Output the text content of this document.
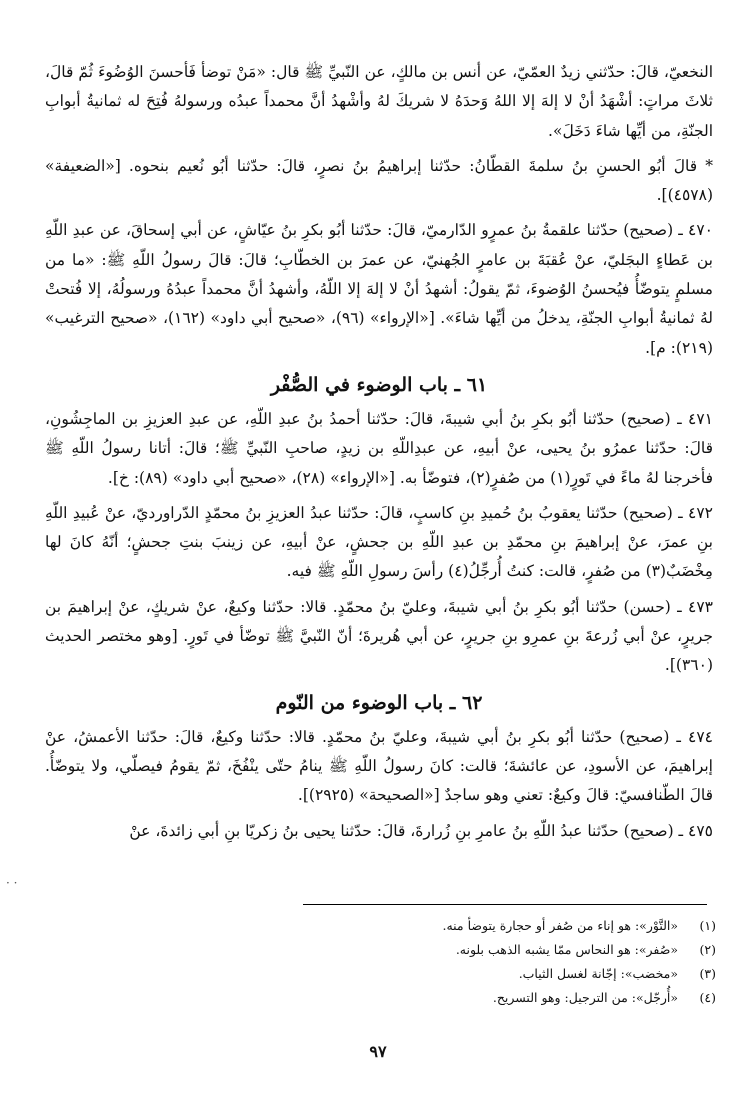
النخعيّ، قالَ: حدّثني زيدٌ العمّيّ، عن أنس بن مالكٍ، عن النّبيِّ ﷺ قال: «مَنْ توضأ فَأحسنَ الوُضُوءَ ثُمّ قالَ، ثلاثَ مراتٍ: أشْهَدُ أنْ لا إلهَ إلا اللهُ وَحدَهُ لا شريكَ لهُ وأشْهدُ أنَّ محمداً عبدُه ورسولهُ فُتِحَ له ثمانيةُ أبوابِ الجنّةِ، من أيِّها شاءَ دَخَلَ».

* قالَ أبُو الحسنِ بنُ سلمةَ القطّانُ: حدّثنا إبراهيمُ بنُ نصرٍ، قالَ: حدّثنا أبُو نُعيم بنحوه. [«الضعيفة» (٤٥٧٨)].

٤٧٠ ـ (صحيح) حدّثنا علقمةُ بنُ عمرٍو الدّارميّ، قالَ: حدّثنا أبُو بكرِ بنُ عيّاشٍ، عن أبي إسحاقَ، عن عبدِ اللّهِ بن عَطاءٍ البجَليّ، عنْ عُقبَةَ بن عامرٍ الجُهنيّ، عن عمرَ بن الخطّابِ؛ قالَ: قالَ رسولُ اللّهِ ﷺ: «ما من مسلمٍ يتوضّأُ فيُحسنُ الوُضوءَ، ثمّ يقولُ: أشهدُ أنْ لا إلهَ إلا اللّهُ، وأشهدُ أنَّ محمداً عبدُهُ ورسولُهُ، إلا فُتحتْ لهُ ثمانيةُ أبوابِ الجنّةِ، يدخلُ من أيِّها شاءَ». [«الإرواء» (٩٦)، «صحيح أبي داود» (١٦٢)، «صحيح الترغيب» (٢١٩): م].

٦١ ـ باب الوضوء في الصُّفْر

٤٧١ ـ (صحيح) حدّثنا أبُو بكرِ بنُ أبي شيبةَ، قالَ: حدّثنا أحمدُ بنُ عبدِ اللّهِ، عن عبدِ العزيزِ بن الماجِشُونِ، قالَ: حدّثنا عمرُو بنُ يحيى، عنْ أبيهِ، عن عبدِاللّهِ بن زيدٍ، صاحبِ النّبيِّ ﷺ؛ قالَ: أتانا رسولُ اللّهِ ﷺ فأخرجنا لهُ ماءً في تَورٍ(١) من صُفرٍ(٢)، فتوضّأ به. [«الإرواء» (٢٨)، «صحيح أبي داود» (٨٩): خ].

٤٧٢ ـ (صحيح) حدّثنا يعقوبُ بنُ حُميدِ بنِ كاسبٍ، قالَ: حدّثنا عبدُ العزيزِ بنُ محمّدٍ الدّراورديّ، عنْ عُبيدِ اللّهِ بنِ عمرَ، عنْ إبراهيمَ بنِ محمّدِ بن عبدِ اللّهِ بن جحشٍ، عنْ أبيهِ، عن زينبَ بنتِ جحشٍ؛ أنّهُ كانَ لها مِخْضَبٌ(٣) من صُفرٍ، قالت: كنتُ أُرجِّلُ(٤) رأسَ رسولِ اللّهِ ﷺ فيه.

٤٧٣ ـ (حسن) حدّثنا أبُو بكرِ بنُ أبي شيبةَ، وعليّ بنُ محمّدٍ. قالا: حدّثنا وكيعٌ، عنْ شريكٍ، عنْ إبراهيمَ بن جريرٍ، عنْ أبي زُرعةَ بنِ عمرِو بنِ جريرٍ، عن أبي هُريرةَ؛ أنّ النّبيَّ ﷺ توضّأ في تَورٍ. [وهو مختصر الحديث (٣٦٠)].

٦٢ ـ باب الوضوء من النّوم

٤٧٤ ـ (صحيح) حدّثنا أبُو بكرِ بنُ أبي شيبةَ، وعليّ بنُ محمّدٍ. قالا: حدّثنا وكيعٌ، قالَ: حدّثنا الأعمشُ، عنْ إبراهيمَ، عن الأسودِ، عن عائشةَ؛ قالت: كانَ رسولُ اللّهِ ﷺ ينامُ حتّى ينْفُخَ، ثمّ يقومُ فيصلّي، ولا يتوضّأُ. قالَ الطّنافسيّ: قالَ وكيعٌ: تعني وهو ساجدٌ [«الصحيحة» (٢٩٢٥)].

٤٧٥ ـ (صحيح) حدّثنا عبدُ اللّهِ بنُ عامرِ بنِ زُرارةَ، قالَ: حدّثنا يحيى بنُ زكريّا بنِ أبي زائدةَ، عنْ

· ·
(١) «التَّوْر»: هو إناء من صُفر أو حجارة يتوضأ منه.
(٢) «صُفر»: هو النحاس ممّا يشبه الذهب بلونه.
(٣) «مخضب»: إجّانة لغسل الثياب.
(٤) «أُرجّل»: من الترجيل: وهو التسريح.
٩٧
